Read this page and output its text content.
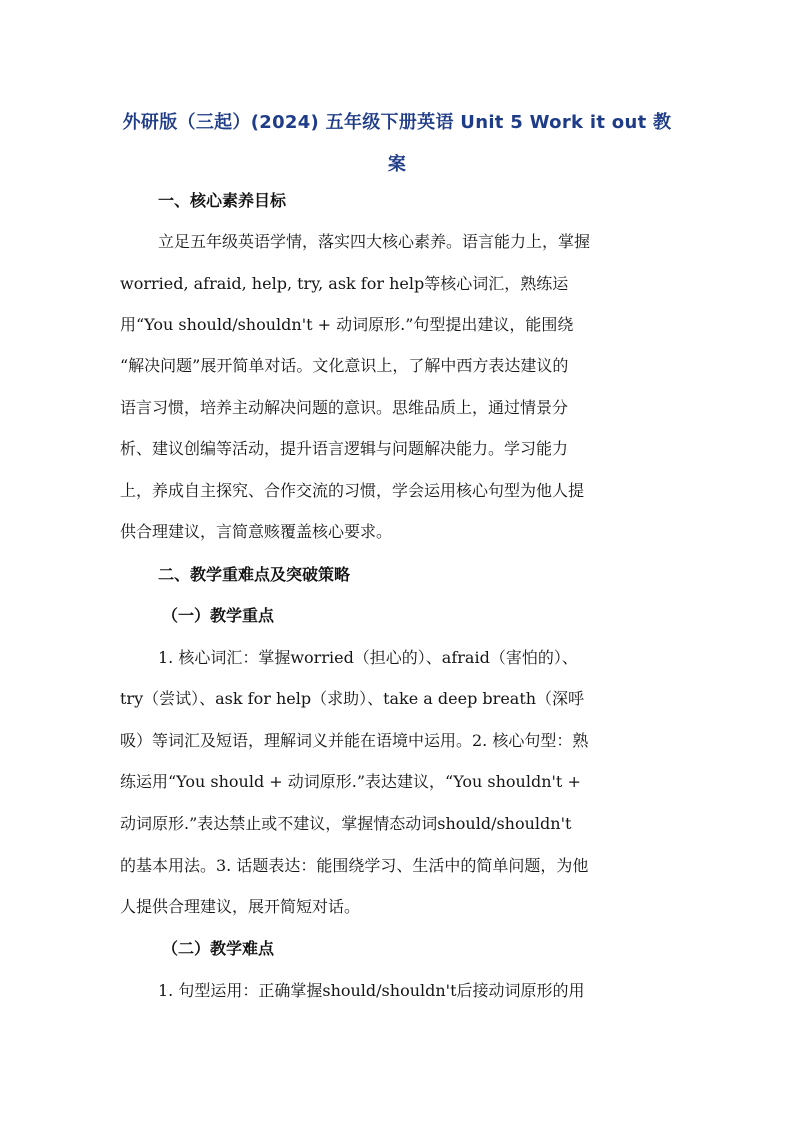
外研版（三起）(2024) 五年级下册英语 Unit 5 Work it out 教
案
一、核心素养目标
立足五年级英语学情，落实四大核心素养。语言能力上，掌握
worried, afraid, help, try, ask for help等核心词汇，熟练运
用“You should/shouldn't + 动词原形.”句型提出建议，能围绕
“解决问题”展开简单对话。文化意识上，了解中西方表达建议的
语言习惯，培养主动解决问题的意识。思维品质上，通过情景分
析、建议创编等活动，提升语言逻辑与问题解决能力。学习能力
上，养成自主探究、合作交流的习惯，学会运用核心句型为他人提
供合理建议，言简意赅覆盖核心要求。
二、教学重难点及突破策略
（一）教学重点
1. 核心词汇：掌握worried（担心的）、afraid（害怕的）、
try（尝试）、ask for help（求助）、take a deep breath（深呼
吸）等词汇及短语，理解词义并能在语境中运用。2. 核心句型：熟
练运用“You should + 动词原形.”表达建议，“You shouldn't +
动词原形.”表达禁止或不建议，掌握情态动词should/shouldn't
的基本用法。3. 话题表达：能围绕学习、生活中的简单问题，为他
人提供合理建议，展开简短对话。
（二）教学难点
1. 句型运用：正确掌握should/shouldn't后接动词原形的用
